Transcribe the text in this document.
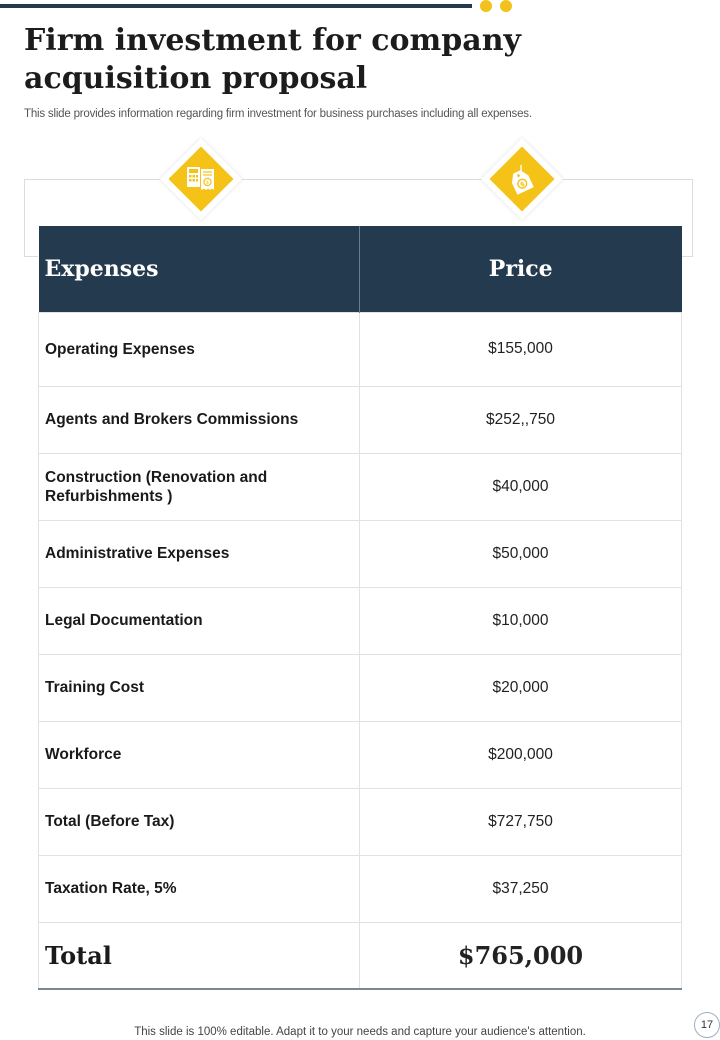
Firm investment for company acquisition proposal

This slide provides information regarding firm investment for business purchases including all expenses.

Expenses	Price
Operating Expenses	$155,000
Agents and Brokers Commissions	$252,,750
Construction (Renovation and Refurbishments )	$40,000
Administrative Expenses	$50,000
Legal Documentation	$10,000
Training Cost	$20,000
Workforce	$200,000
Total (Before Tax)	$727,750
Taxation Rate, 5%	$37,250
Total	$765,000
$	$

This slide is 100% editable. Adapt it to your needs and capture your audience's attention.

17
